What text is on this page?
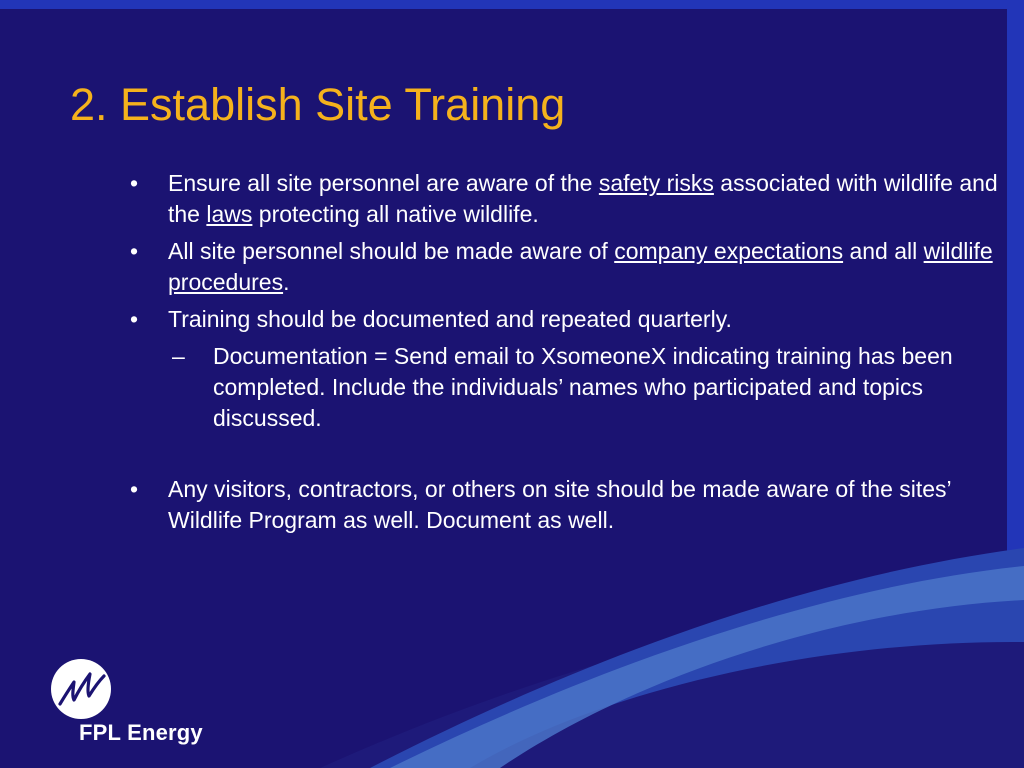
2. Establish Site Training
• Ensure all site personnel are aware of the safety risks associated with wildlife and the laws protecting all native wildlife.
• All site personnel should be made aware of company expectations and all wildlife procedures.
• Training should be documented and repeated quarterly.
– Documentation = Send email to XsomeoneX indicating training has been completed. Include the individuals’ names who participated and topics discussed.
• Any visitors, contractors, or others on site should be made aware of the sites’ Wildlife Program as well. Document as well.

FPL Energy
